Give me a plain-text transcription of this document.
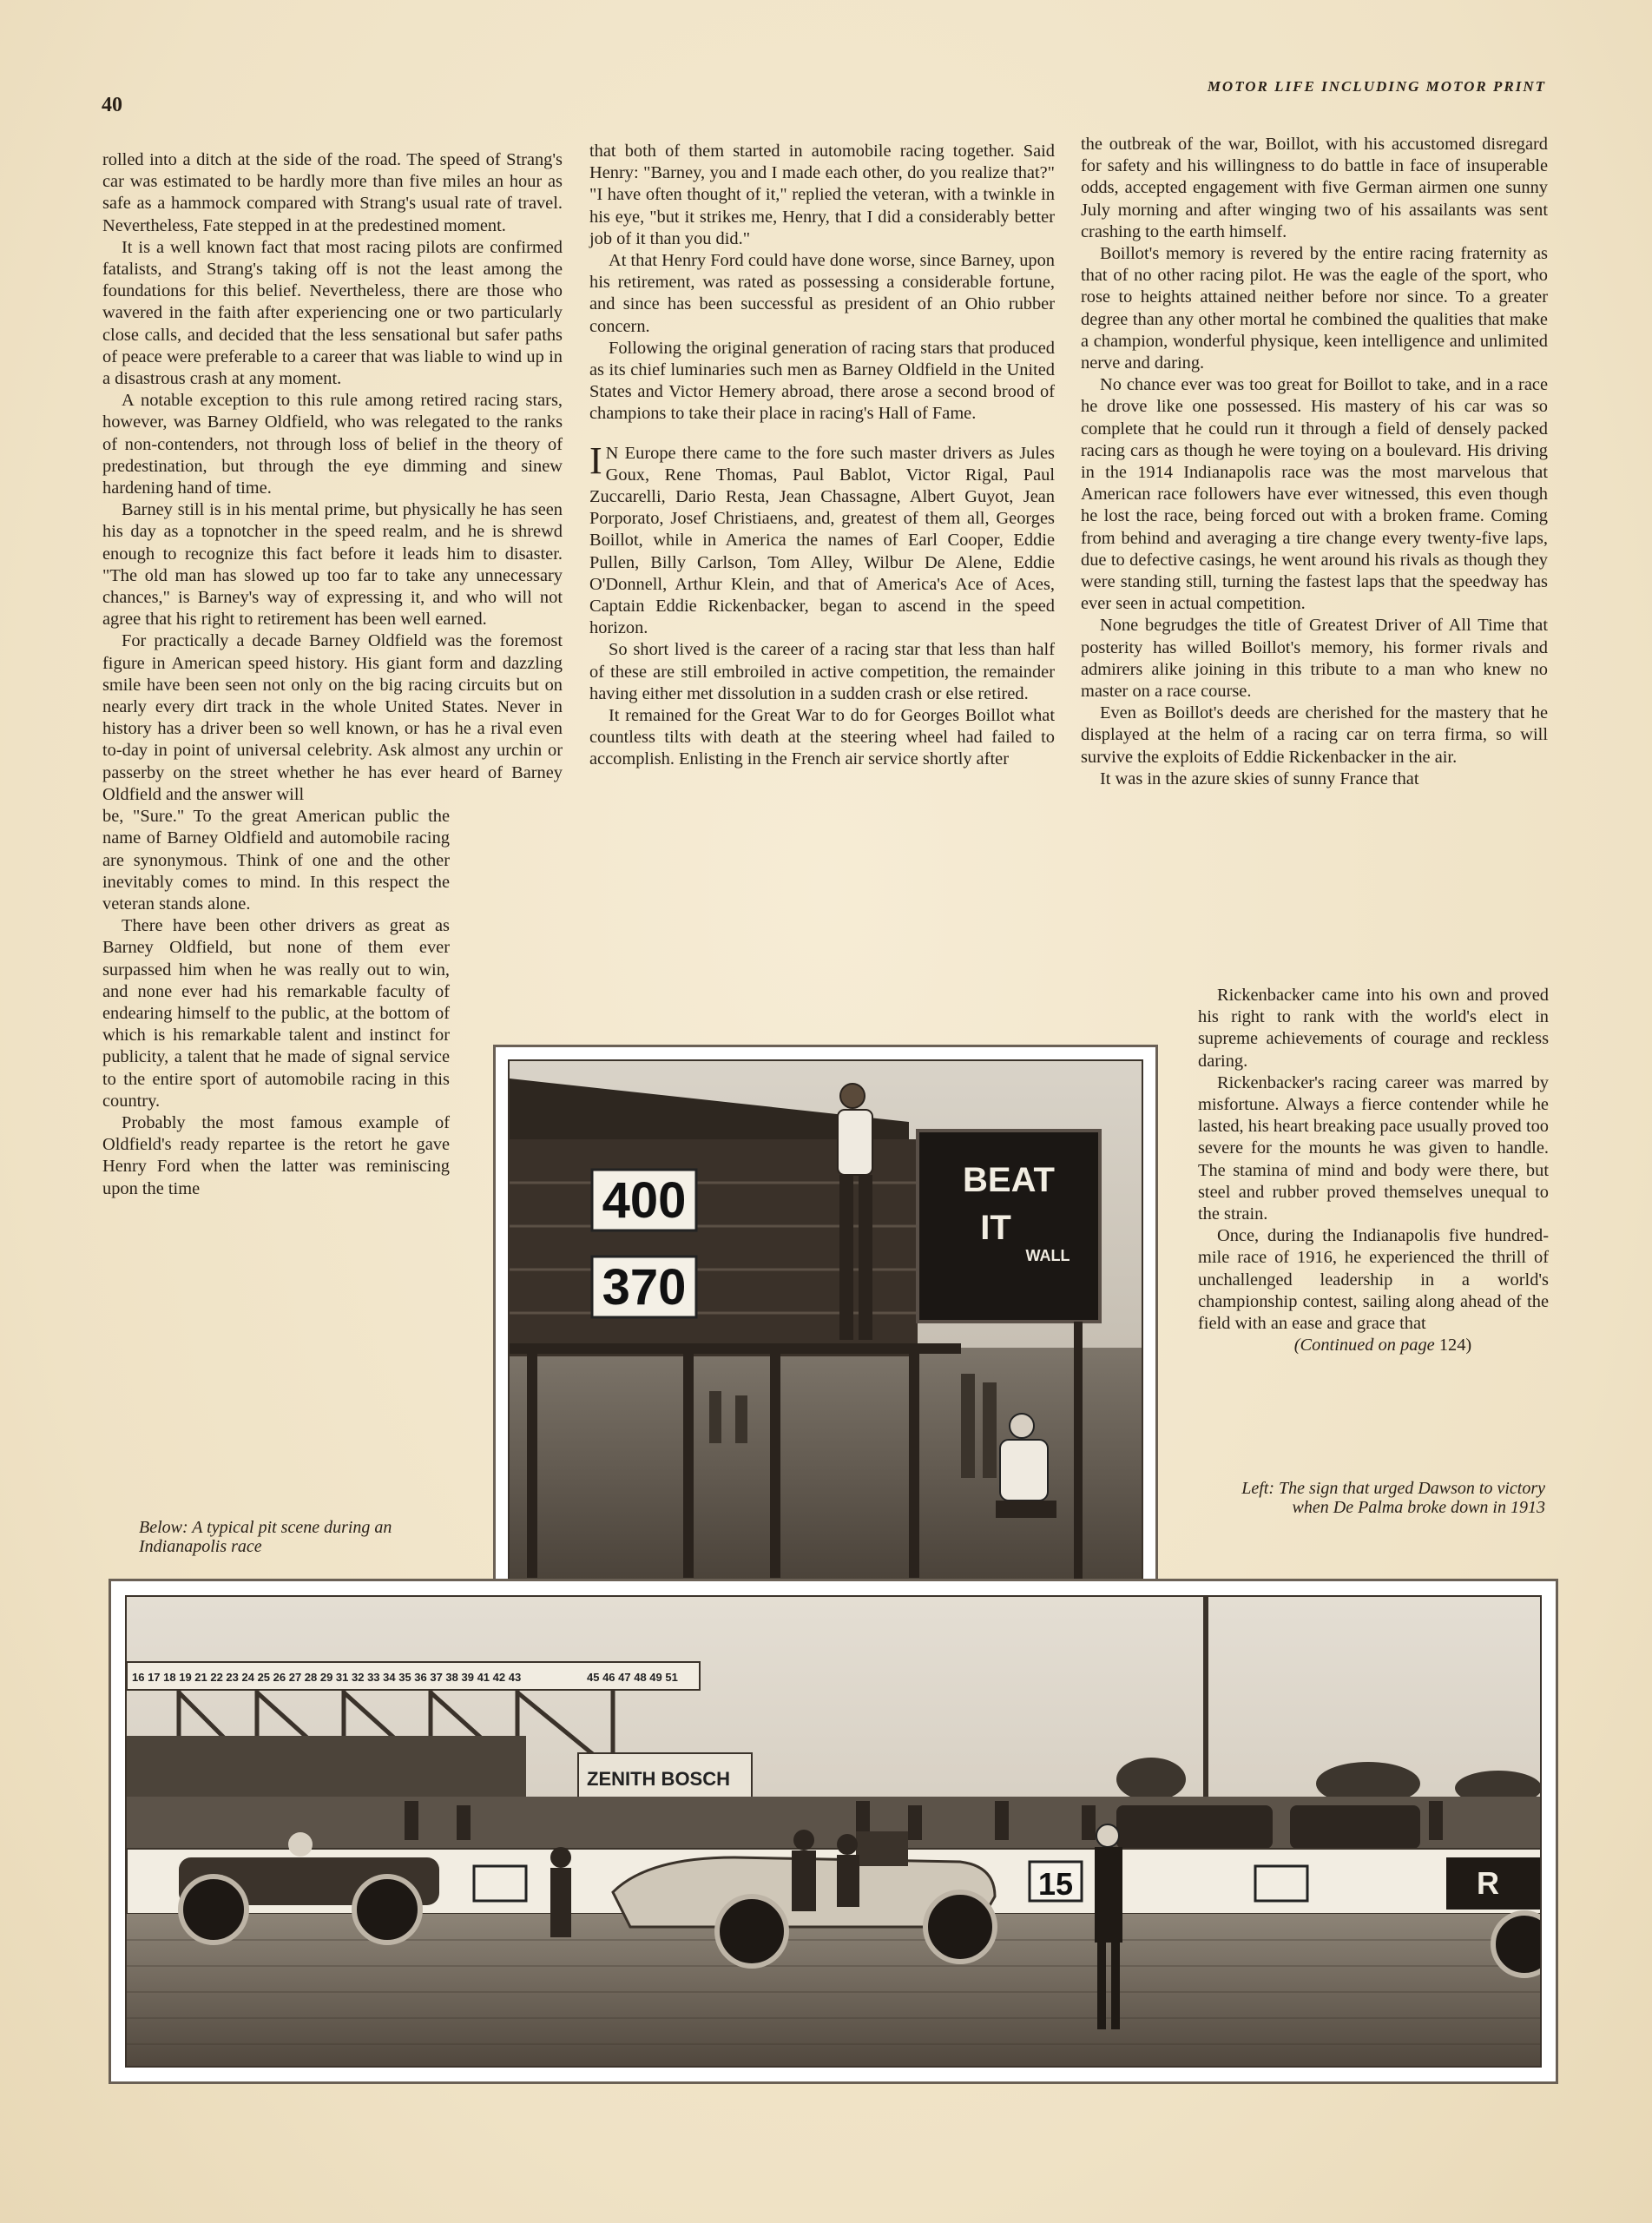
40
MOTOR LIFE INCLUDING MOTOR PRINT

rolled into a ditch at the side of the road. The speed of Strang's car was estimated to be hardly more than five miles an hour as safe as a hammock compared with Strang's usual rate of travel. Nevertheless, Fate stepped in at the predestined moment.

It is a well known fact that most racing pilots are confirmed fatalists, and Strang's taking off is not the least among the foundations for this belief. Nevertheless, there are those who wavered in the faith after experiencing one or two particularly close calls, and decided that the less sensational but safer paths of peace were preferable to a career that was liable to wind up in a disastrous crash at any moment.

A notable exception to this rule among retired racing stars, however, was Barney Oldfield, who was relegated to the ranks of non-contenders, not through loss of belief in the theory of predestination, but through the eye dimming and sinew hardening hand of time.

Barney still is in his mental prime, but physically he has seen his day as a topnotcher in the speed realm, and he is shrewd enough to recognize this fact before it leads him to disaster. "The old man has slowed up too far to take any unnecessary chances," is Barney's way of expressing it, and who will not agree that his right to retirement has been well earned.

For practically a decade Barney Oldfield was the foremost figure in American speed history. His giant form and dazzling smile have been seen not only on the big racing circuits but on nearly every dirt track in the whole United States. Never in history has a driver been so well known, or has he a rival even to-day in point of universal celebrity. Ask almost any urchin or passerby on the street whether he has ever heard of Barney Oldfield and the answer will

be, "Sure." To the great American public the name of Barney Oldfield and automobile racing are synonymous. Think of one and the other inevitably comes to mind. In this respect the veteran stands alone.

There have been other drivers as great as Barney Oldfield, but none of them ever surpassed him when he was really out to win, and none ever had his remarkable faculty of endearing himself to the public, at the bottom of which is his remarkable talent and instinct for publicity, a talent that he made of signal service to the entire sport of automobile racing in this country.

Probably the most famous example of Oldfield's ready repartee is the retort he gave Henry Ford when the latter was reminiscing upon the time

that both of them started in automobile racing together. Said Henry: "Barney, you and I made each other, do you realize that?" "I have often thought of it," replied the veteran, with a twinkle in his eye, "but it strikes me, Henry, that I did a considerably better job of it than you did."

At that Henry Ford could have done worse, since Barney, upon his retirement, was rated as possessing a considerable fortune, and since has been successful as president of an Ohio rubber concern.

Following the original generation of racing stars that produced as its chief luminaries such men as Barney Oldfield in the United States and Victor Hemery abroad, there arose a second brood of champions to take their place in racing's Hall of Fame.

I N Europe there came to the fore such master drivers as Jules Goux, Rene Thomas, Paul Bablot, Victor Rigal, Paul Zuccarelli, Dario Resta, Jean Chassagne, Albert Guyot, Jean Porporato, Josef Christiaens, and, greatest of them all, Georges Boillot, while in America the names of Earl Cooper, Eddie Pullen, Billy Carlson, Tom Alley, Wilbur De Alene, Eddie O'Donnell, Arthur Klein, and that of America's Ace of Aces, Captain Eddie Rickenbacker, began to ascend in the speed horizon.

So short lived is the career of a racing star that less than half of these are still embroiled in active competition, the remainder having either met dissolution in a sudden crash or else retired.

It remained for the Great War to do for Georges Boillot what countless tilts with death at the steering wheel had failed to accomplish. Enlisting in the French air service shortly after

the outbreak of the war, Boillot, with his accustomed disregard for safety and his willingness to do battle in face of insuperable odds, accepted engagement with five German airmen one sunny July morning and after winging two of his assailants was sent crashing to the earth himself.

Boillot's memory is revered by the entire racing fraternity as that of no other racing pilot. He was the eagle of the sport, who rose to heights attained neither before nor since. To a greater degree than any other mortal he combined the qualities that make a champion, wonderful physique, keen intelligence and unlimited nerve and daring.

No chance ever was too great for Boillot to take, and in a race he drove like one possessed. His mastery of his car was so complete that he could run it through a field of densely packed racing cars as though he were toying on a boulevard. His driving in the 1914 Indianapolis race was the most marvelous that American race followers have ever witnessed, this even though he lost the race, being forced out with a broken frame. Coming from behind and averaging a tire change every twenty-five laps, due to defective casings, he went around his rivals as though they were standing still, turning the fastest laps that the speedway has ever seen in actual competition.

None begrudges the title of Greatest Driver of All Time that posterity has willed Boillot's memory, his former rivals and admirers alike joining in this tribute to a man who knew no master on a race course.

Even as Boillot's deeds are cherished for the mastery that he displayed at the helm of a racing car on terra firma, so will survive the exploits of Eddie Rickenbacker in the air.

It was in the azure skies of sunny France that

Rickenbacker came into his own and proved his right to rank with the world's elect in supreme achievements of courage and reckless daring.

Rickenbacker's racing career was marred by misfortune. Always a fierce contender while he lasted, his heart breaking pace usually proved too severe for the mounts he was given to handle. The stamina of mind and body were there, but steel and rubber proved themselves unequal to the strain.

Once, during the Indianapolis five hundred-mile race of 1916, he experienced the thrill of unchallenged leadership in a world's championship contest, sailing along ahead of the field with an ease and grace that

(Continued on page 124)

Below: A typical pit scene during an Indianapolis race
Left: The sign that urged Dawson to victory when De Palma broke down in 1913
400
370
BEAT
IT
WALL
16 17 18 19 21 22 23 24 25 26 27 28 29 31 32 33 34 35 36 37 38 39 41 42 43	45 46 47 48 49 51
ZENITH BOSCH
15	R
